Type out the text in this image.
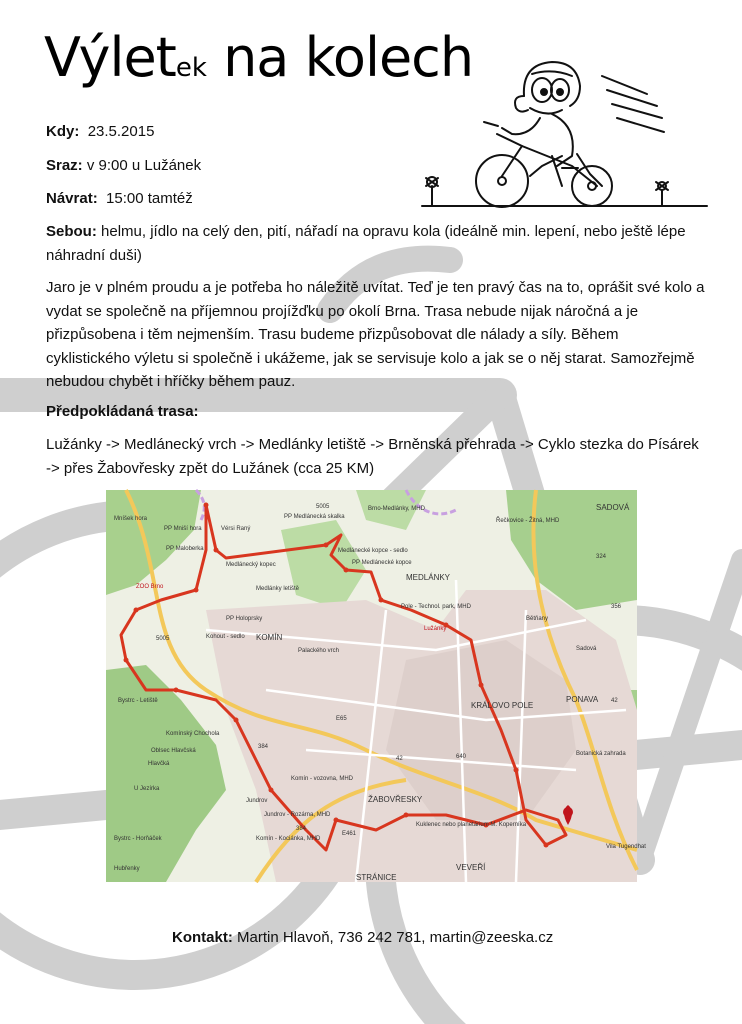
Výletek na kolech
Kdy: 23.5.2015
Sraz: v 9:00 u Lužánek
Návrat: 15:00 tamtéž
Sebou: helmu, jídlo na celý den, pití, nářadí na opravu kola (ideálně min. lepení, nebo ještě lépe náhradní duši)
Jaro je v plném proudu a je potřeba ho náležitě uvítat. Teď je ten pravý čas na to, oprášit své kolo a vydat se společně na příjemnou projížďku po okolí Brna. Trasa nebude nijak náročná a je přizpůsobena i těm nejmenším. Trasu budeme přizpůsobovat dle nálady a síly. Během cyklistického výletu si společně i ukážeme, jak se servisuje kolo a jak se o něj starat. Samozřejmě nebudou chybět i hříčky během pauz.
Předpokládaná trasa:
Lužánky -> Medlánecký vrch -> Medlánky letiště -> Brněnská přehrada -> Cyklo stezka do Písárek -> přes Žabovřesky zpět do Lužánek (cca 25 KM)
Mníšek hora
ZOO Brno
PP Mniší hora	Vérsi Raný
PP Medlánecká skalka
Brno-Medlánky, MHD
Medlánecké kopce - sedlo
Medlánecký kopec	PP Medlánecké kopce
MEDLÁNKY
PP Holoprsky
KOMÍN
Kohout - sedlo
Palackého vrch
Pole - Technol. park, MHD
Lužánky
KRÁLOVO POLE
PONAVA
Komínský Chochola
Bystrc - Letiště
Oblsec Hlavčská
Hlavčká
U Jezírka
Komín - vozovna, MHD
Jundrov
Jundrov - Rozárna, MHD
ŽABOVŘESKY
Kuklenec nebo planetárium M. Koperníka
VEVEŘÍ
STRÁNICE
SADOVÁ
Botanická zahrada
Vila Tugendhat
Hubřenky
Bystrc - Horňáček
Medlánky letiště
Sadová
Bětňany
PP Maloberka
Řečkovice - Žitná, MHD
Komín - Kociánka, MHD
5005
5005
384
42	640
42
384
E461
E65
324
356
Kontakt: Martin Hlavoň, 736 242 781, martin@zeeska.cz
